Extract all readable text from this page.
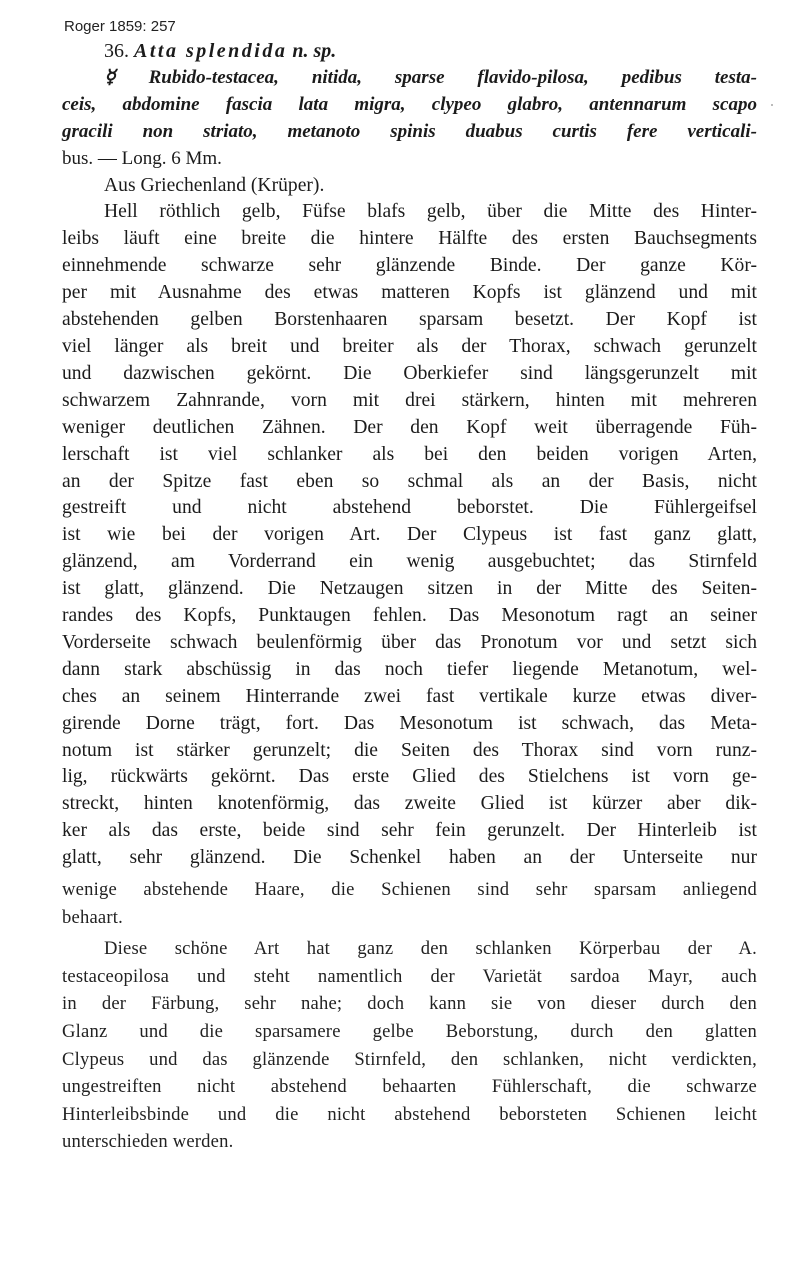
Roger 1859: 257
36. Atta splendida n. sp.
☿ Rubido-testacea, nitida, sparse flavido-pilosa, pedibus testa-
ceis, abdomine fascia lata migra, clypeo glabro, antennarum scapo
gracili non striato, metanoto spinis duabus curtis fere verticali-
bus. — Long. 6 Mm.
Aus Griechenland (Krüper).
Hell röthlich gelb, Füfse blafs gelb, über die Mitte des Hinter-
leibs läuft eine breite die hintere Hälfte des ersten Bauchsegments
einnehmende schwarze sehr glänzende Binde. Der ganze Kör-
per mit Ausnahme des etwas matteren Kopfs ist glänzend und mit
abstehenden gelben Borstenhaaren sparsam besetzt. Der Kopf ist
viel länger als breit und breiter als der Thorax, schwach gerunzelt
und dazwischen gekörnt. Die Oberkiefer sind längsgerunzelt mit
schwarzem Zahnrande, vorn mit drei stärkern, hinten mit mehreren
weniger deutlichen Zähnen. Der den Kopf weit überragende Füh-
lerschaft ist viel schlanker als bei den beiden vorigen Arten,
an der Spitze fast eben so schmal als an der Basis, nicht
gestreift und nicht abstehend beborstet. Die Fühlergeifsel
ist wie bei der vorigen Art. Der Clypeus ist fast ganz glatt,
glänzend, am Vorderrand ein wenig ausgebuchtet; das Stirnfeld
ist glatt, glänzend. Die Netzaugen sitzen in der Mitte des Seiten-
randes des Kopfs, Punktaugen fehlen. Das Mesonotum ragt an seiner
Vorderseite schwach beulenförmig über das Pronotum vor und setzt sich
dann stark abschüssig in das noch tiefer liegende Metanotum, wel-
ches an seinem Hinterrande zwei fast vertikale kurze etwas diver-
girende Dorne trägt, fort. Das Mesonotum ist schwach, das Meta-
notum ist stärker gerunzelt; die Seiten des Thorax sind vorn runz-
lig, rückwärts gekörnt. Das erste Glied des Stielchens ist vorn ge-
streckt, hinten knotenförmig, das zweite Glied ist kürzer aber dik-
ker als das erste, beide sind sehr fein gerunzelt. Der Hinterleib ist
glatt, sehr glänzend. Die Schenkel haben an der Unterseite nur
wenige abstehende Haare, die Schienen sind sehr sparsam anliegend
behaart.
Diese schöne Art hat ganz den schlanken Körperbau der A.
testaceopilosa und steht namentlich der Varietät sardoa Mayr, auch
in der Färbung, sehr nahe; doch kann sie von dieser durch den
Glanz und die sparsamere gelbe Beborstung, durch den glatten
Clypeus und das glänzende Stirnfeld, den schlanken, nicht verdickten,
ungestreiften nicht abstehend behaarten Fühlerschaft, die schwarze
Hinterleibsbinde und die nicht abstehend beborsteten Schienen leicht
unterschieden werden.
